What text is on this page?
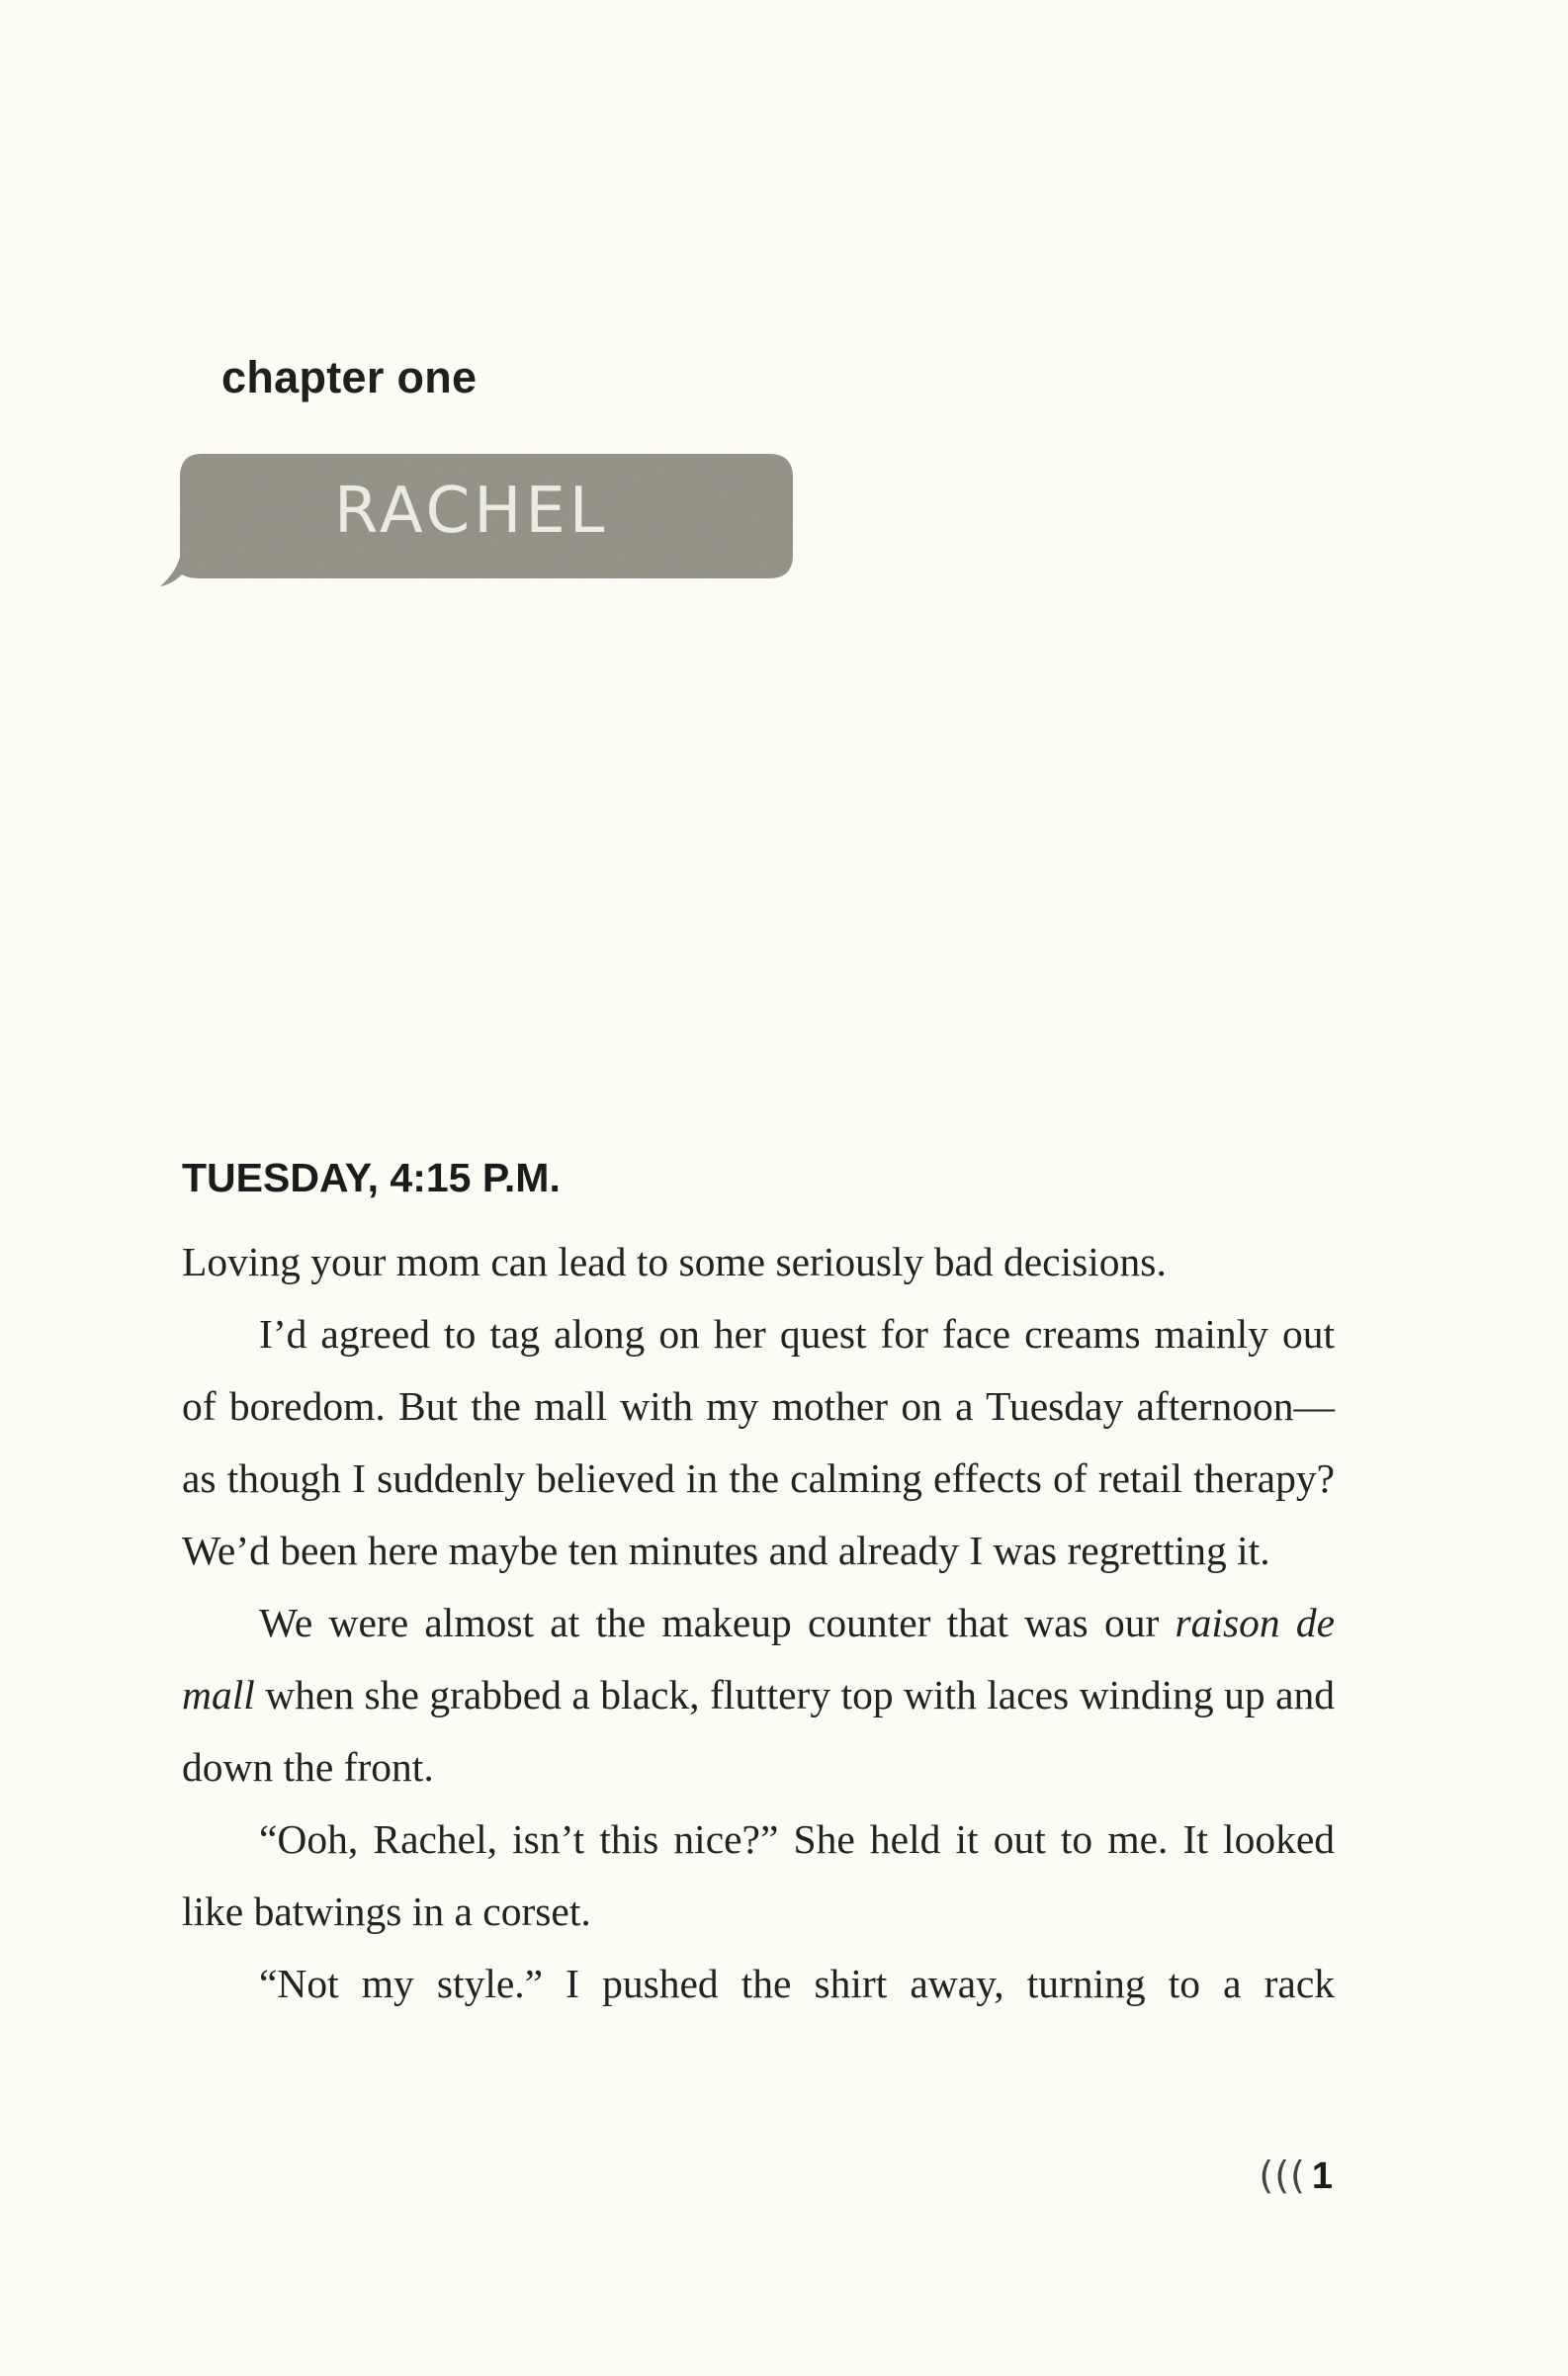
chapter one
RACHEL
TUESDAY, 4:15 P.M.

Loving your mom can lead to some seriously bad decisions.

I’d agreed to tag along on her quest for face creams mainly out of boredom. But the mall with my mother on a Tuesday afternoon—as though I suddenly believed in the calming effects of retail therapy? We’d been here maybe ten minutes and already I was regretting it.

We were almost at the makeup counter that was our raison de mall when she grabbed a black, fluttery top with laces winding up and down the front.

“Ooh, Rachel, isn’t this nice?” She held it out to me. It looked like batwings in a corset.

“Not my style.” I pushed the shirt away, turning to a rack

((( 1
